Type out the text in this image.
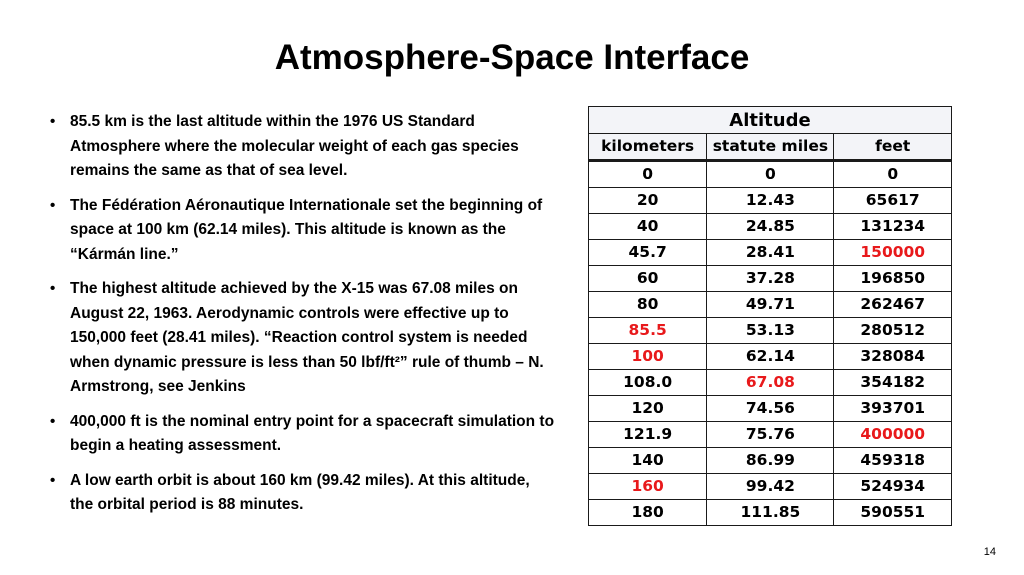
Atmosphere-Space Interface
• 85.5 km is the last altitude within the 1976 US Standard Atmosphere where the molecular weight of each gas species remains the same as that of sea level.
• The Fédération Aéronautique Internationale set the beginning of space at 100 km (62.14 miles). This altitude is known as the “Kármán line.”
• The highest altitude achieved by the X-15 was 67.08 miles on August 22, 1963. Aerodynamic controls were effective up to 150,000 feet (28.41 miles). “Reaction control system is needed when dynamic pressure is less than 50 lbf/ft²” rule of thumb – N. Armstrong, see Jenkins
• 400,000 ft is the nominal entry point for a spacecraft simulation to begin a heating assessment.
• A low earth orbit is about 160 km (99.42 miles). At this altitude, the orbital period is 88 minutes.
Altitude		
kilometers	statute miles	feet
0	0	0
20	12.43	65617
40	24.85	131234
45.7	28.41	150000
60	37.28	196850
80	49.71	262467
85.5	53.13	280512
100	62.14	328084
108.0	67.08	354182
120	74.56	393701
121.9	75.76	400000
140	86.99	459318
160	99.42	524934
180	111.85	590551
14
